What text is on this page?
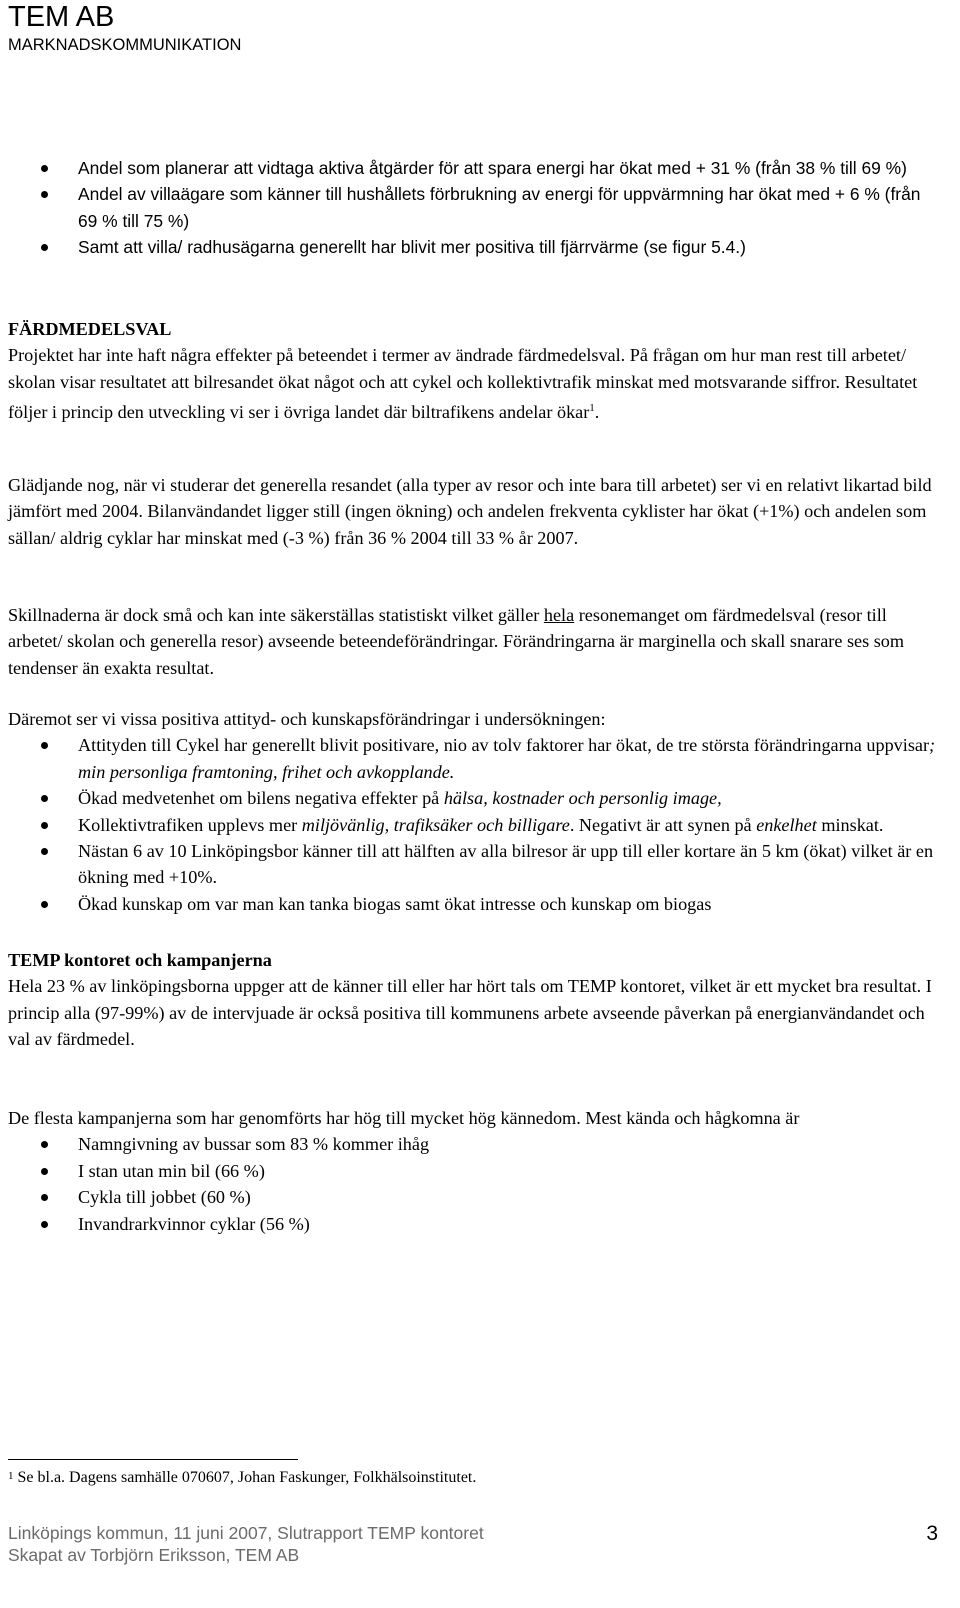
TEM AB
MARKNADSKOMMUNIKATION
Andel som planerar att vidtaga aktiva åtgärder för att spara energi har ökat med + 31 % (från 38 % till 69 %)
Andel av villaägare som känner till hushållets förbrukning av energi för uppvärmning har ökat med + 6 % (från 69 % till 75 %)
Samt att villa/ radhusägarna generellt har blivit mer positiva till fjärrvärme (se figur 5.4.)

FÄRDMEDELSVAL

Projektet har inte haft några effekter på beteendet i termer av ändrade färdmedelsval. På frågan om hur man rest till arbetet/ skolan visar resultatet att bilresandet ökat något och att cykel och kollektivtrafik minskat med motsvarande siffror. Resultatet följer i princip den utveckling vi ser i övriga landet där biltrafikens andelar ökar$^1$.

Glädjande nog, när vi studerar det generella resandet (alla typer av resor och inte bara till arbetet) ser vi en relativt likartad bild jämfört med 2004. Bilanvändandet ligger still (ingen ökning) och andelen frekventa cyklister har ökat (+1%) och andelen som sällan/ aldrig cyklar har minskat med (-3 %) från 36 % 2004 till 33 % år 2007.

Skillnaderna är dock små och kan inte säkerställas statistiskt vilket gäller hela resonemanget om färdmedelsval (resor till arbetet/ skolan och generella resor) avseende beteendeförändringar. Förändringarna är marginella och skall snarare ses som tendenser än exakta resultat.

Däremot ser vi vissa positiva attityd- och kunskapsförändringar i undersökningen:

Attityden till Cykel har generellt blivit positivare, nio av tolv faktorer har ökat, de tre största förändringarna uppvisar; min personliga framtoning, frihet och avkopplande.
Ökad medvetenhet om bilens negativa effekter på hälsa, kostnader och personlig image,
Kollektivtrafiken upplevs mer miljövänlig, trafiksäker och billigare. Negativt är att synen på enkelhet minskat.
Nästan 6 av 10 Linköpingsbor känner till att hälften av alla bilresor är upp till eller kortare än 5 km (ökat) vilket är en ökning med +10%.
Ökad kunskap om var man kan tanka biogas samt ökat intresse och kunskap om biogas

TEMP kontoret och kampanjerna

Hela 23 % av linköpingsborna uppger att de känner till eller har hört tals om TEMP kontoret, vilket är ett mycket bra resultat. I princip alla (97-99%) av de intervjuade är också positiva till kommunens arbete avseende påverkan på energianvändandet och val av färdmedel.

De flesta kampanjerna som har genomförts har hög till mycket hög kännedom. Mest kända och hågkomna är

Namngivning av bussar som 83 % kommer ihåg
I stan utan min bil (66 %)
Cykla till jobbet (60 %)
Invandrarkvinnor cyklar (56 %)
$^1$ Se bl.a. Dagens samhälle 070607, Johan Faskunger, Folkhälsoinstitutet.
Linköpings kommun, 11 juni 2007, Slutrapport TEMP kontoret
Skapat av Torbjörn Eriksson, TEM AB
3
